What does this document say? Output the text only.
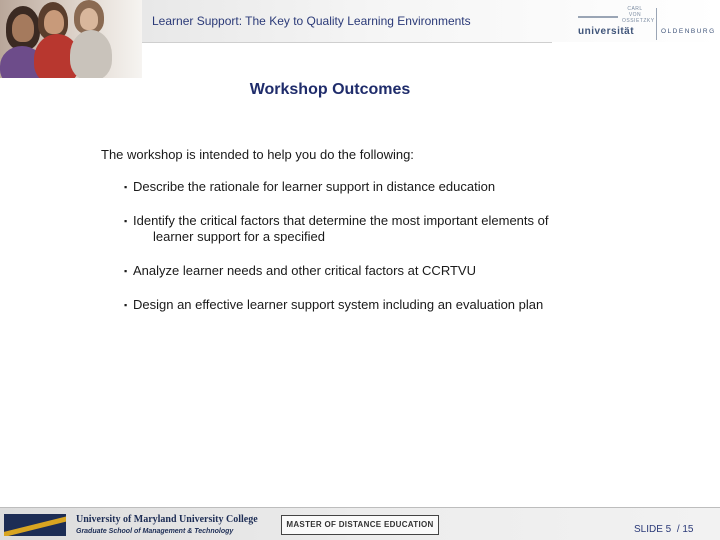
Learner Support: The Key to Quality Learning Environments
CARL VON OSSIETZKY
universität	OLDENBURG
Workshop Outcomes
The workshop is intended to help you do the following:
▪ Describe the rationale for learner support in distance education
▪ Identify the critical factors that determine the most important elements of
learner support for a specified
▪ Analyze learner needs and other critical factors at CCRTVU
▪ Design an effective learner support system including an evaluation plan
University of Maryland University College
Graduate School of Management & Technology
MASTER OF DISTANCE EDUCATION	SLIDE 5 / 15
